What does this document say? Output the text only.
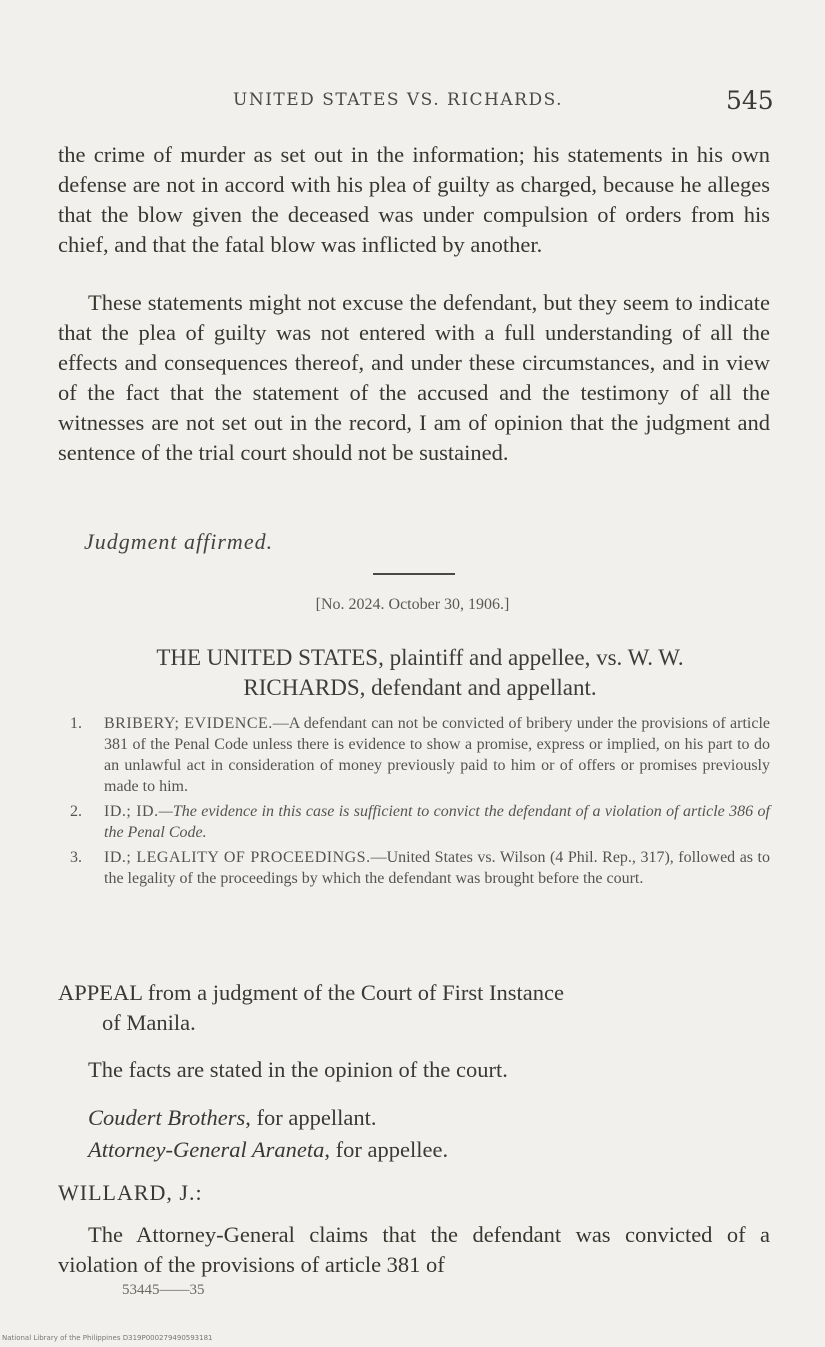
UNITED STATES VS. RICHARDS.	545

the crime of murder as set out in the information; his statements in his own defense are not in accord with his plea of guilty as charged, because he alleges that the blow given the deceased was under compulsion of orders from his chief, and that the fatal blow was inflicted by another.

These statements might not excuse the defendant, but they seem to indicate that the plea of guilty was not entered with a full understanding of all the effects and consequences thereof, and under these circumstances, and in view of the fact that the statement of the accused and the testimony of all the witnesses are not set out in the record, I am of opinion that the judgment and sentence of the trial court should not be sustained.

Judgment affirmed.
[No. 2024. October 30, 1906.]
THE UNITED STATES, plaintiff and appellee, vs. W. W.
RICHARDS, defendant and appellant.
1. BRIBERY; EVIDENCE.—A defendant can not be convicted of bribery under the provisions of article 381 of the Penal Code unless there is evidence to show a promise, express or implied, on his part to do an unlawful act in consideration of money previously paid to him or of offers or promises previously made to him.
2. ID.; ID.—The evidence in this case is sufficient to convict the defendant of a violation of article 386 of the Penal Code.
3. ID.; LEGALITY OF PROCEEDINGS.—United States vs. Wilson (4 Phil. Rep., 317), followed as to the legality of the proceedings by which the defendant was brought before the court.
APPEAL from a judgment of the Court of First Instance
of Manila.
The facts are stated in the opinion of the court.
Coudert Brothers, for appellant.
Attorney-General Araneta, for appellee.
WILLARD, J.:

The Attorney-General claims that the defendant was convicted of a violation of the provisions of article 381 of

53445——35
National Library of the Philippines D319P000279490593181
